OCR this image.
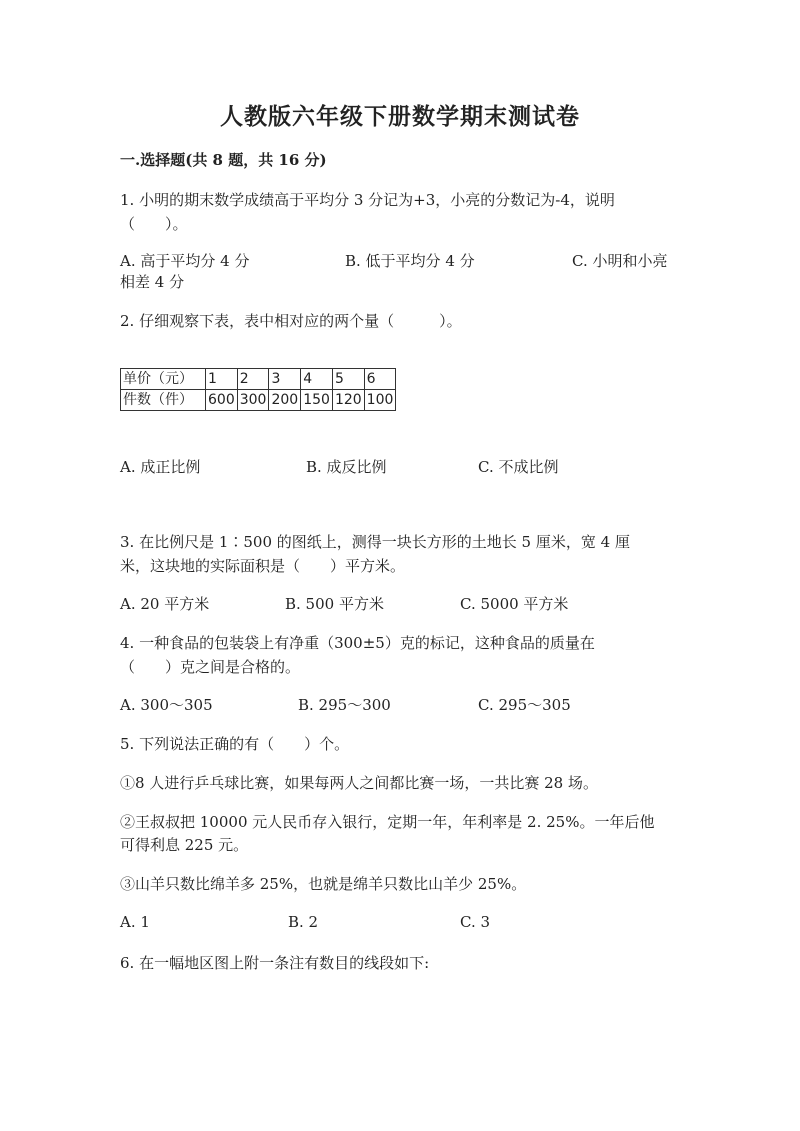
人教版六年级下册数学期末测试卷
一.选择题(共 8 题，共 16 分)
1. 小明的期末数学成绩高于平均分 3 分记为+3，小亮的分数记为-4，说明
（　　）。
A. 高于平均分 4 分	B. 低于平均分 4 分	C. 小明和小亮
相差 4 分
2. 仔细观察下表，表中相对应的两个量（　　　）。
单价（元）	1	2	3	4	5	6
件数（件）	600	300	200	150	120	100
A. 成正比例	B. 成反比例	C. 不成比例
3. 在比例尺是 1∶500 的图纸上，测得一块长方形的土地长 5 厘米，宽 4 厘
米，这块地的实际面积是（　　）平方米。
A. 20 平方米	B. 500 平方米	C. 5000 平方米
4. 一种食品的包装袋上有净重（300±5）克的标记，这种食品的质量在
（　　）克之间是合格的。
A. 300～305	B. 295～300	C. 295～305
5. 下列说法正确的有（　　）个。
①8 人进行乒乓球比赛，如果每两人之间都比赛一场，一共比赛 28 场。
②王叔叔把 10000 元人民币存入银行，定期一年，年利率是 2. 25%。一年后他
可得利息 225 元。
③山羊只数比绵羊多 25%，也就是绵羊只数比山羊少 25%。
A. 1	B. 2	C. 3
6. 在一幅地区图上附一条注有数目的线段如下:
